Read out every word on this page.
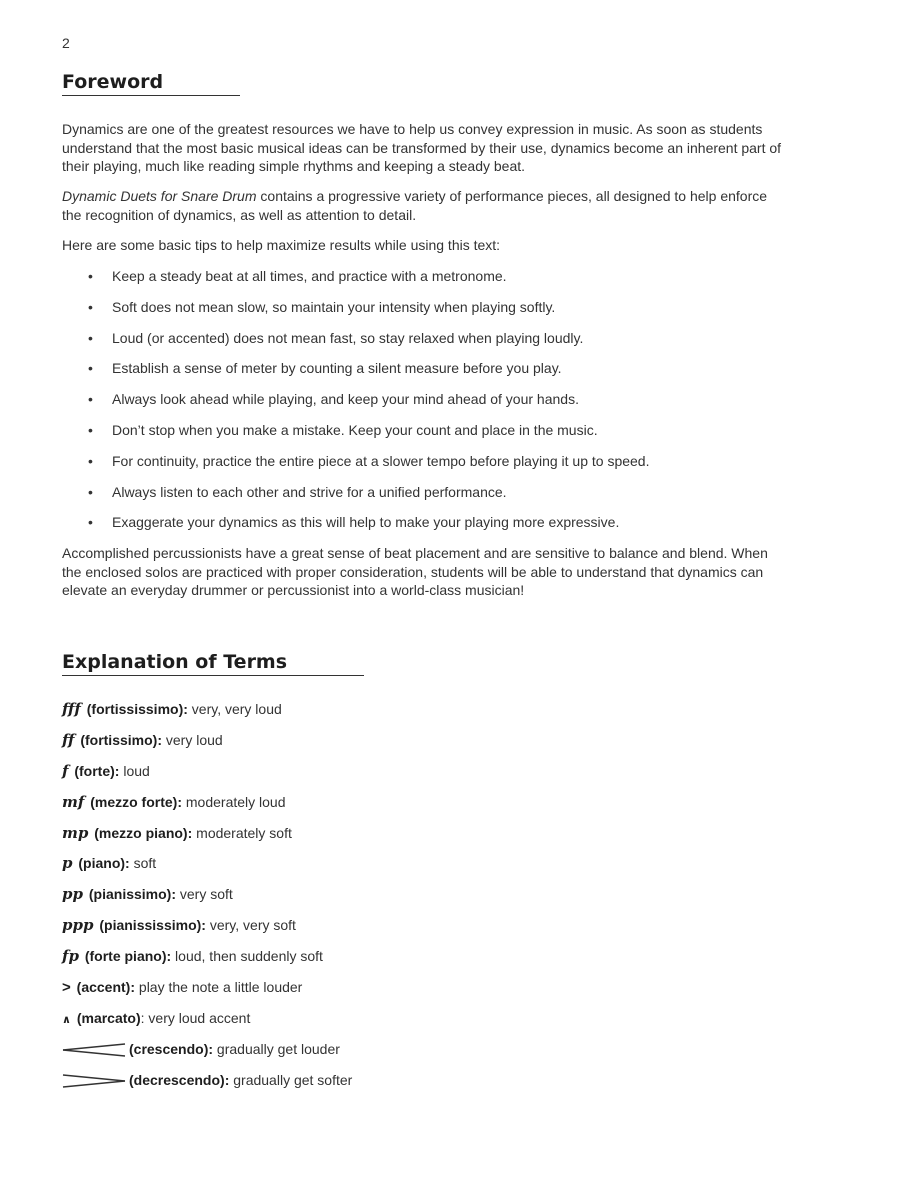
2
Foreword

Dynamics are one of the greatest resources we have to help us convey expression in music. As soon as students understand that the most basic musical ideas can be transformed by their use, dynamics become an inherent part of their playing, much like reading simple rhythms and keeping a steady beat.

Dynamic Duets for Snare Drum contains a progressive variety of performance pieces, all designed to help enforce the recognition of dynamics, as well as attention to detail.

Here are some basic tips to help maximize results while using this text:

• Keep a steady beat at all times, and practice with a metronome.
• Soft does not mean slow, so maintain your intensity when playing softly.
• Loud (or accented) does not mean fast, so stay relaxed when playing loudly.
• Establish a sense of meter by counting a silent measure before you play.
• Always look ahead while playing, and keep your mind ahead of your hands.
• Don’t stop when you make a mistake. Keep your count and place in the music.
• For continuity, practice the entire piece at a slower tempo before playing it up to speed.
• Always listen to each other and strive for a unified performance.
• Exaggerate your dynamics as this will help to make your playing more expressive.

Accomplished percussionists have a great sense of beat placement and are sensitive to balance and blend. When the enclosed solos are practiced with proper consideration, students will be able to understand that dynamics can elevate an everyday drummer or percussionist into a world-class musician!

Explanation of Terms
fff (fortississimo): very, very loud
ff (fortissimo): very loud
f (forte): loud
mf (mezzo forte): moderately loud
mp (mezzo piano): moderately soft
p (piano): soft
pp (pianissimo): very soft
ppp (pianississimo): very, very soft
fp (forte piano): loud, then suddenly soft
> (accent): play the note a little louder
∧ (marcato): very loud accent
(crescendo): gradually get louder
(decrescendo): gradually get softer
